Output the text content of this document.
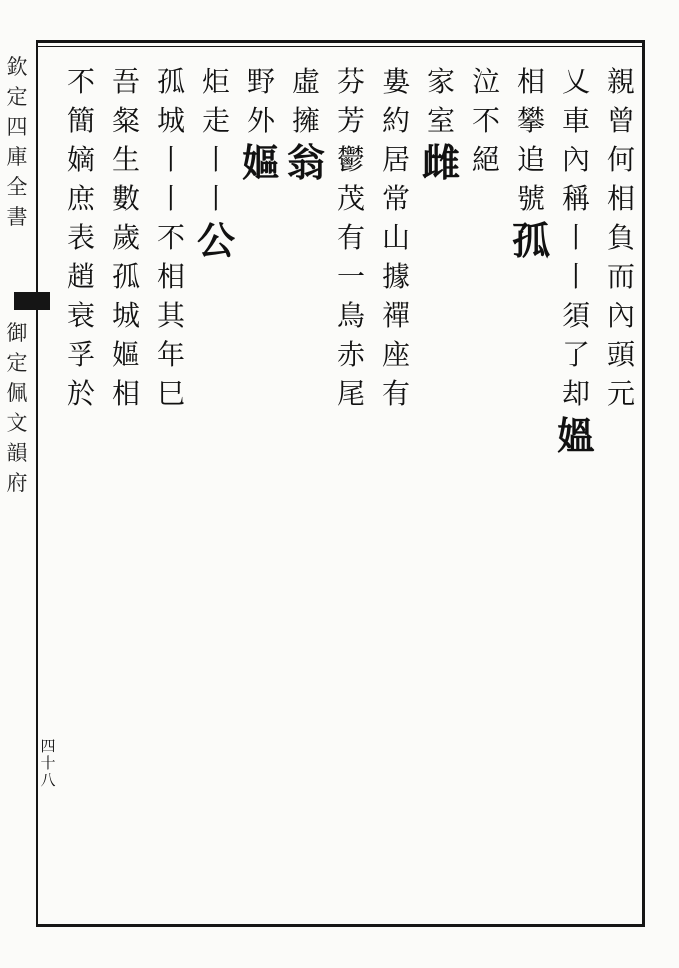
欽
定
四
庫
全
書
御
定
佩
文
韻
府
四
十
八
親
曾
何
相
負
而
內
頭
元
乂
車
內
稱
丨
丨
須
了
却
媼
相
攀
追
號
孤
泣
不
絕
家
室
雌
婁
約
居
常
山
據
禪
座
有
芬
芳
鬱
茂
有
一
鳥
赤
尾
虛
擁
翁
野
外
嫗
炬
走
丨
丨
公
孤
城
丨
丨
不
相
其
年
巳
吾
粲
生
數
歲
孤
城
嫗
相
不
簡
嫡
庶
表
趙
衰
孚
於
